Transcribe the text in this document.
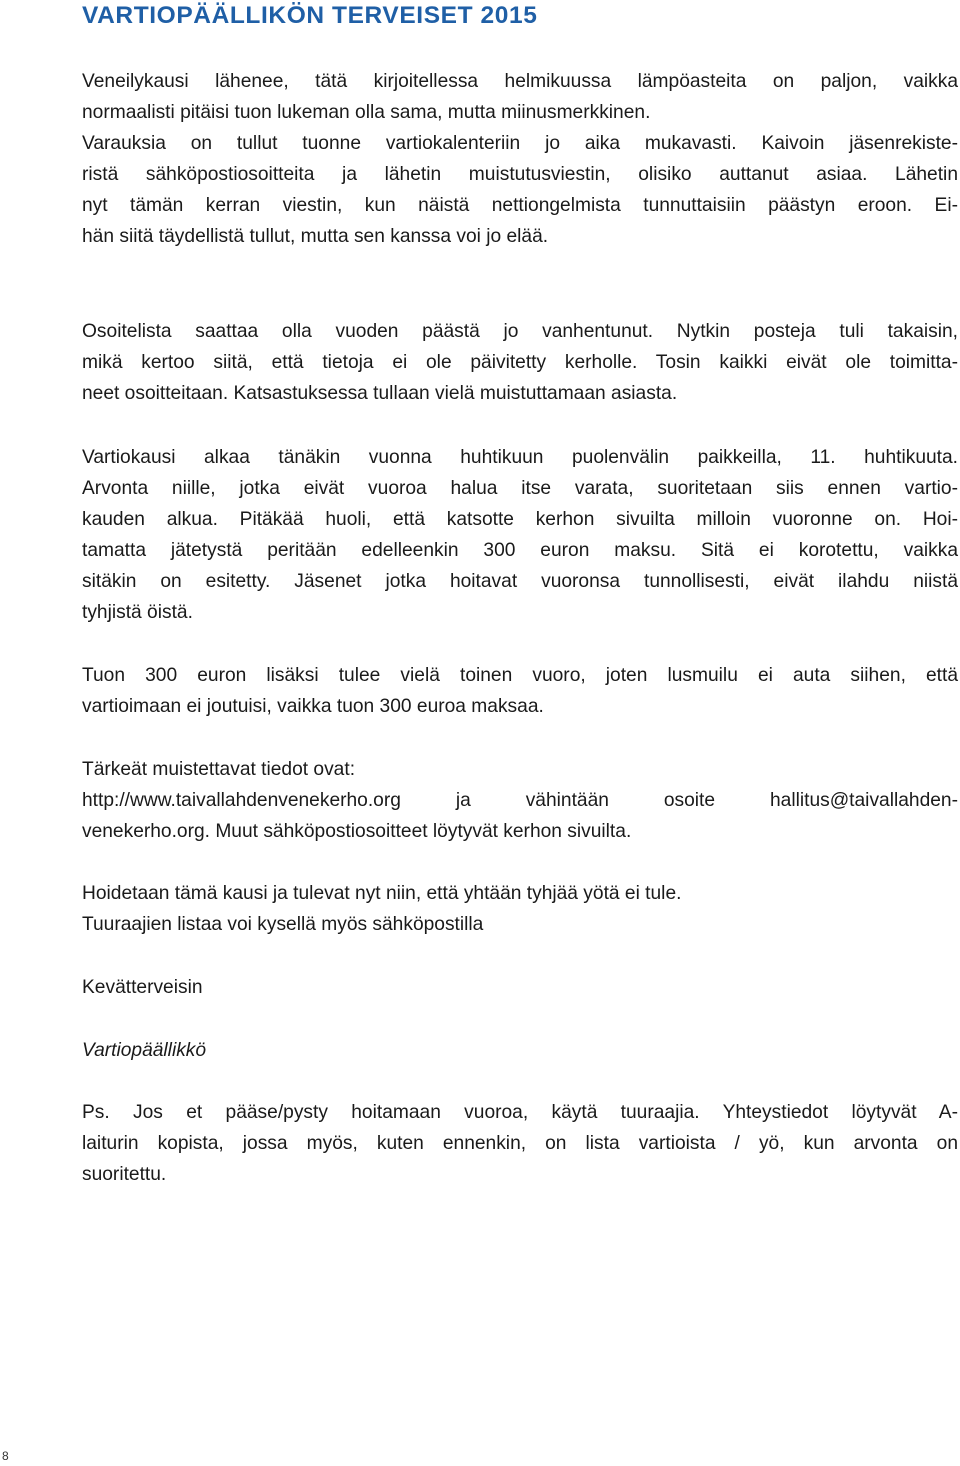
VARTIOPÄÄLLIKÖN TERVEISET 2015

Veneilykausi lähenee, tätä kirjoitellessa helmikuussa lämpöasteita on paljon, vaikka
normaalisti pitäisi tuon lukeman olla sama, mutta miinusmerkkinen.

Varauksia on tullut tuonne vartiokalenteriin jo aika mukavasti. Kaivoin jäsenrekiste-
ristä sähköpostiosoitteita ja lähetin muistutusviestin, olisiko auttanut asiaa. Lähetin
nyt tämän kerran viestin, kun näistä nettiongelmista tunnuttaisiin päästyn eroon. Ei-
hän siitä täydellistä tullut, mutta sen kanssa voi jo elää.

Osoitelista saattaa olla vuoden päästä jo vanhentunut. Nytkin posteja tuli takaisin,
mikä kertoo siitä, että tietoja ei ole päivitetty kerholle. Tosin kaikki eivät ole toimitta-
neet osoitteitaan. Katsastuksessa tullaan vielä muistuttamaan asiasta.

Vartiokausi alkaa tänäkin vuonna huhtikuun puolenvälin paikkeilla, 11. huhtikuuta.
Arvonta niille, jotka eivät vuoroa halua itse varata, suoritetaan siis ennen vartio-
kauden alkua. Pitäkää huoli, että katsotte kerhon sivuilta milloin vuoronne on. Hoi-
tamatta jätetystä peritään edelleenkin 300 euron maksu. Sitä ei korotettu, vaikka
sitäkin on esitetty. Jäsenet jotka hoitavat vuoronsa tunnollisesti, eivät ilahdu niistä
tyhjistä öistä.

Tuon 300 euron lisäksi tulee vielä toinen vuoro, joten lusmuilu ei auta siihen, että
vartioimaan ei joutuisi, vaikka tuon 300 euroa maksaa.

Tärkeät muistettavat tiedot ovat:
http://www.taivallahdenvenekerho.org ja vähintään osoite hallitus@taivallahden-
venekerho.org. Muut sähköpostiosoitteet löytyvät kerhon sivuilta.

Hoidetaan tämä kausi ja tulevat nyt niin, että yhtään tyhjää yötä ei tule.
Tuuraajien listaa voi kysellä myös sähköpostilla

Kevätterveisin

Vartiopäällikkö

Ps. Jos et pääse/pysty hoitamaan vuoroa, käytä tuuraajia. Yhteystiedot löytyvät A-
laiturin kopista, jossa myös, kuten ennenkin, on lista vartioista / yö, kun arvonta on
suoritettu.

8
